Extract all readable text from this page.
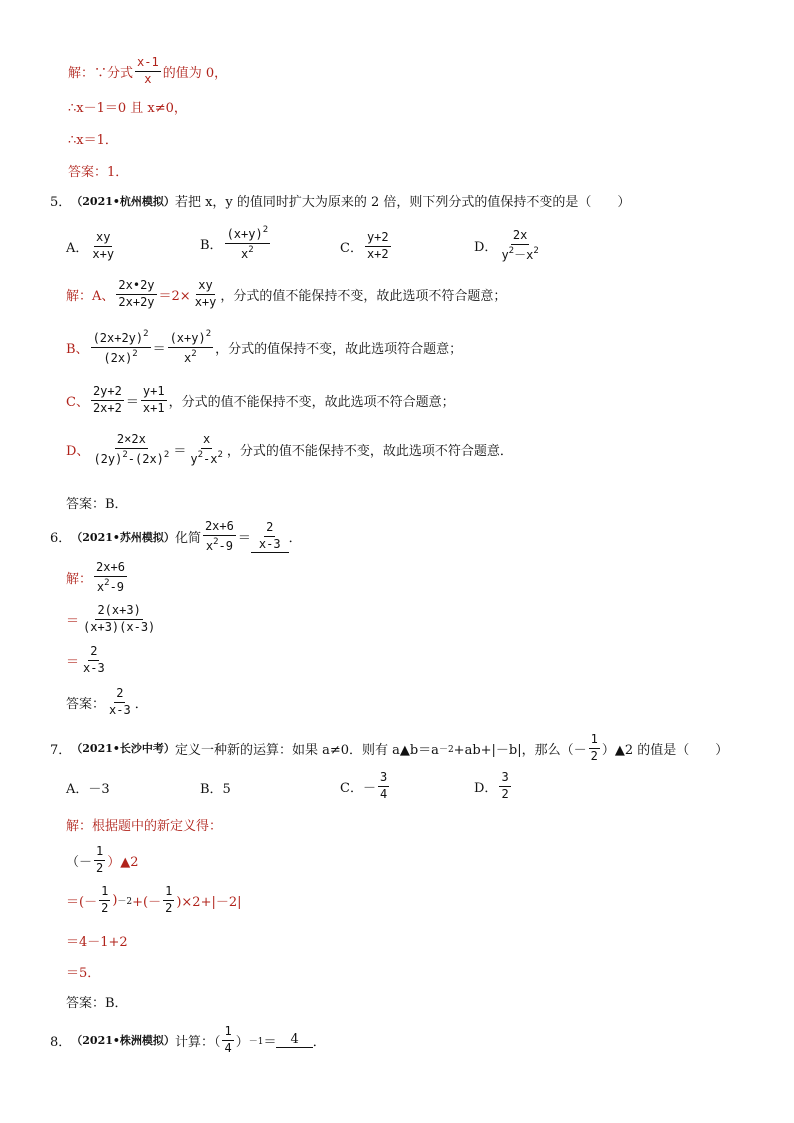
解：∵分式 $\frac{x-1}{x}$ 的值为 0，
∴x－1＝0 且 x≠0，
∴x＝1．
答案：1．
5． （2021•杭州模拟） 若把 x，y 的值同时扩大为原来的 2 倍，则下列分式的值保持不变的是（　　）
A． $\frac{xy}{x+y}$	B． $\frac{(x+y)^2}{x^2}$	C． $\frac{y+2}{x+2}$	D． $\frac{2x}{y^2-x^2}$
解：A、 $\frac{2x•2y}{2x+2y} =2\times \frac{xy}{x+y}$ ，分式的值不能保持不变，故此选项不符合题意；
B、 $\frac{(2x+2y)^2}{(2x)^2} = \frac{(x+y)^2}{x^2}$ ，分式的值保持不变，故此选项符合题意；
C、 $\frac{2y+2}{2x+2} = \frac{y+1}{x+1}$ ，分式的值不能保持不变，故此选项不符合题意；
D、 $\frac{2\times 2x}{(2y)^2-(2x)^2} = \frac{x}{y^2-x^2}$ ，分式的值不能保持不变，故此选项不符合题意．
答案：B．
6． （2021•苏州模拟） 化简 $\frac{2x+6}{x^2-9} = \frac{2}{x-3}$ ．
解： $\frac{2x+6}{x^2-9}$
＝ $\frac{2(x+3)}{(x+3)(x-3)}$
＝ $\frac{2}{x-3}$
答案： $\frac{2}{x-3}$ ．
7． （2021•长沙中考） 定义一种新的运算：如果 a≠0．则有 a▲b＝a －2 +ab+|－b|，那么（－ $\frac{1}{2}$ ）▲2 的值是（　　）
A．－3	B．5	C．－ $\frac{3}{4}$	D． $\frac{3}{2}$
解：根据题中的新定义得：
（－ $\frac{1}{2}$ ）▲2
＝(－ $\frac{1}{2}$ ) －2 +(－ $\frac{1}{2} )\times 2+|-2|$
＝4－1+2
＝5．
答案：B．
8． （2021•株洲模拟） 计算：（ $\frac{1}{4}$ ） －1 ＝	4	．
